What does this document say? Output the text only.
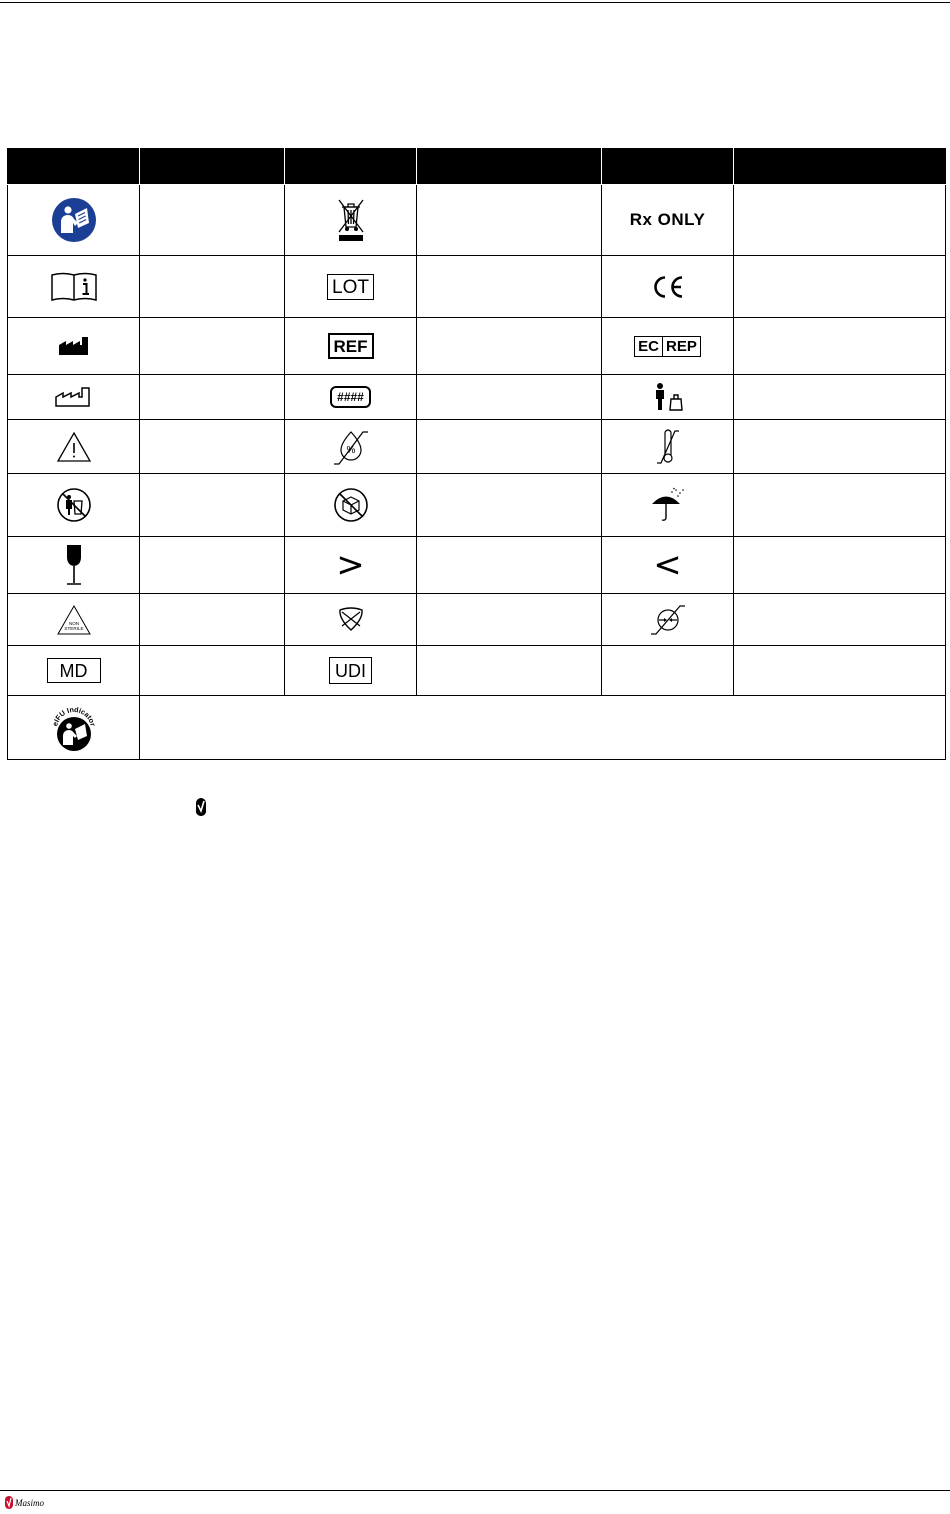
				Rx ONLY	
		LOT			
		REF		EC REP	

		####			

%

		>		<	

NON
STERILE

MD		UDI			

eIFU Indicator					

Masimo
